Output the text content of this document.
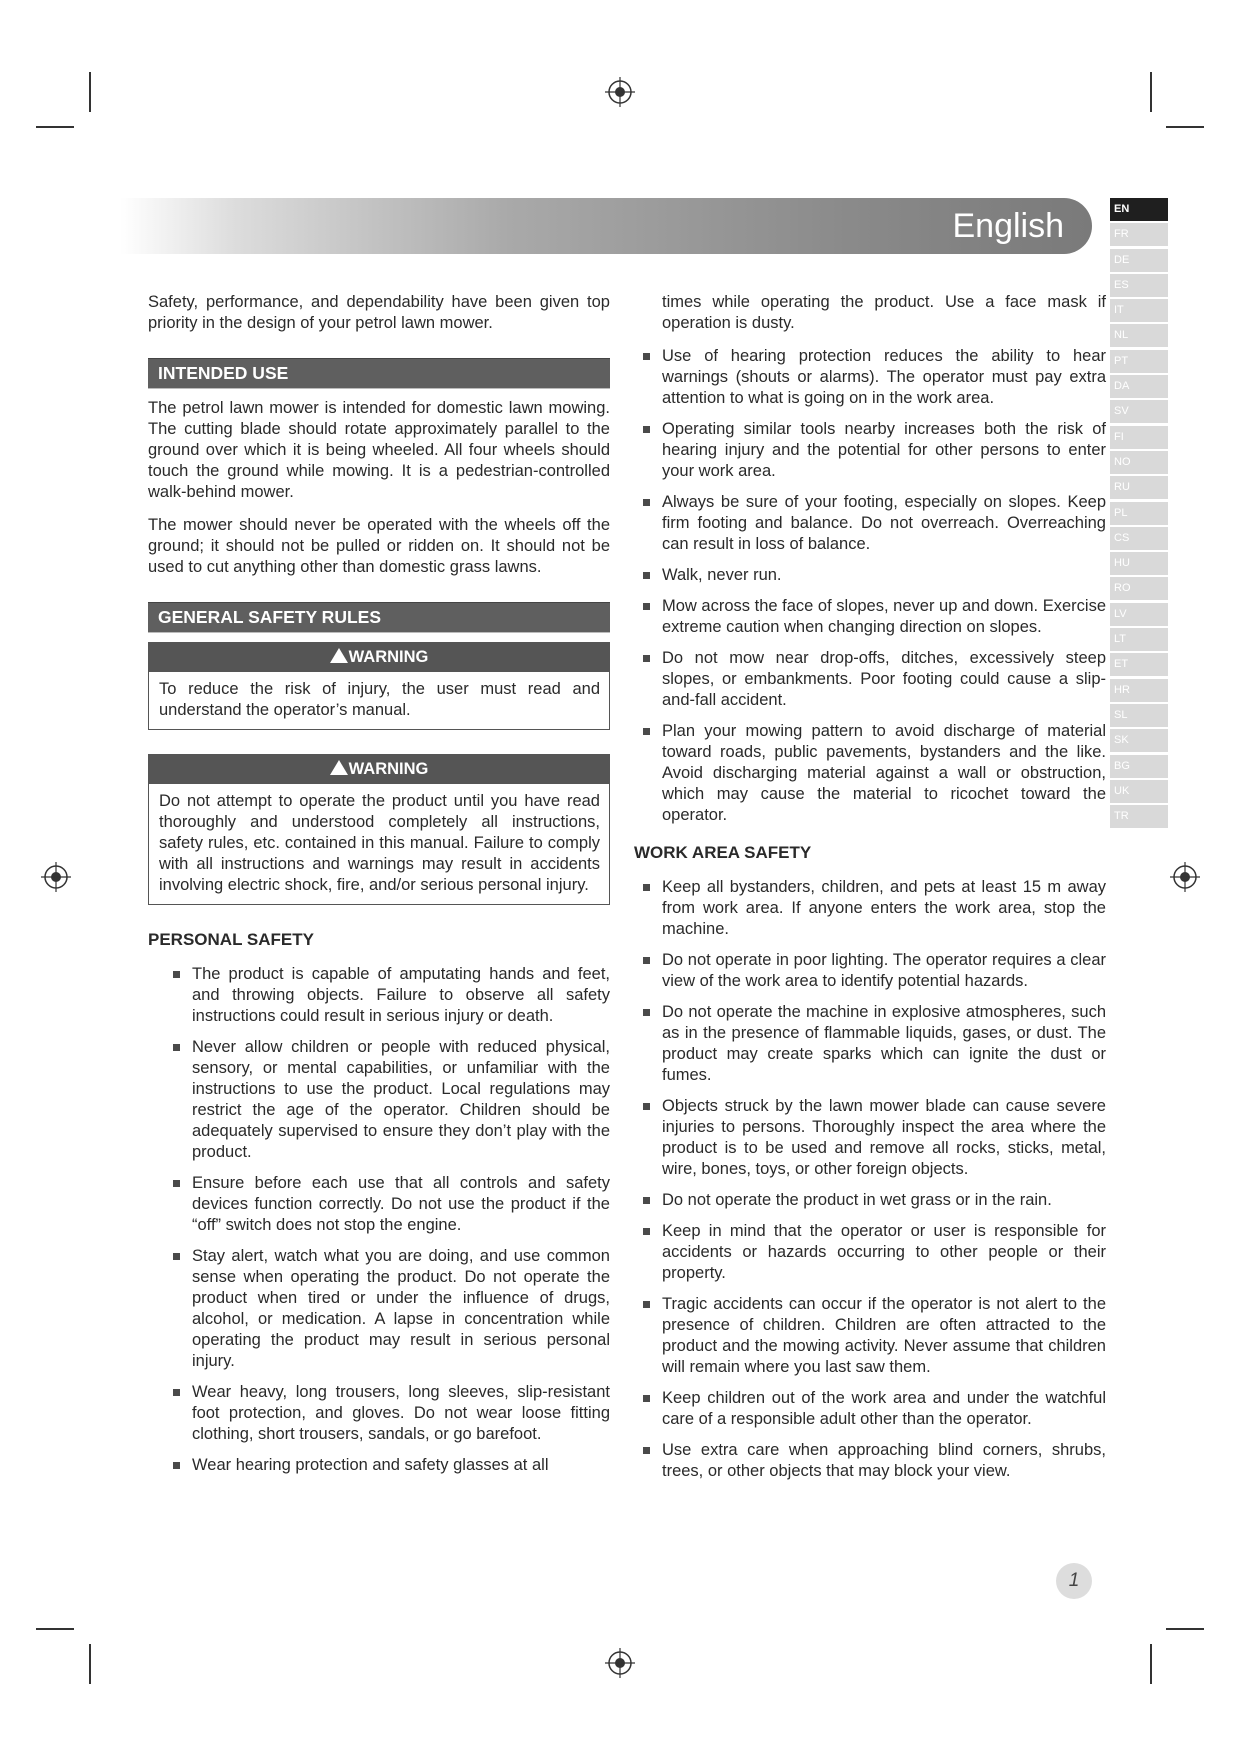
English	EN
FR
DE
ES
IT
NL
PT
DA
SV
FI
NO
RU
PL
CS
HU
RO
LV
LT
ET
HR
SL
SK
BG
UK
TR

Safety, performance, and dependability have been given top priority in the design of your petrol lawn mower.

INTENDED USE

The petrol lawn mower is intended for domestic lawn mowing. The cutting blade should rotate approximately parallel to the ground over which it is being wheeled. All four wheels should touch the ground while mowing. It is a pedestrian-controlled walk-behind mower.

The mower should never be operated with the wheels off the ground; it should not be pulled or ridden on. It should not be used to cut anything other than domestic grass lawns.

GENERAL SAFETY RULES
WARNING

To reduce the risk of injury, the user must read and understand the operator’s manual.

WARNING

Do not attempt to operate the product until you have read thoroughly and understood completely all instructions, safety rules, etc. contained in this manual. Failure to comply with all instructions and warnings may result in accidents involving electric shock, fire, and/or serious personal injury.

PERSONAL SAFETY
The product is capable of amputating hands and feet, and throwing objects. Failure to observe all safety instructions could result in serious injury or death.
Never allow children or people with reduced physical, sensory, or mental capabilities, or unfamiliar with the instructions to use the product. Local regulations may restrict the age of the operator. Children should be adequately supervised to ensure they don’t play with the product.
Ensure before each use that all controls and safety devices function correctly. Do not use the product if the “off” switch does not stop the engine.
Stay alert, watch what you are doing, and use common sense when operating the product. Do not operate the product when tired or under the influence of drugs, alcohol, or medication. A lapse in concentration while operating the product may result in serious personal injury.
Wear heavy, long trousers, long sleeves, slip-resistant foot protection, and gloves. Do not wear loose fitting clothing, short trousers, sandals, or go barefoot.
Wear hearing protection and safety glasses at all

times while operating the product. Use a face mask if operation is dusty.

Use of hearing protection reduces the ability to hear warnings (shouts or alarms). The operator must pay extra attention to what is going on in the work area.
Operating similar tools nearby increases both the risk of hearing injury and the potential for other persons to enter your work area.
Always be sure of your footing, especially on slopes. Keep firm footing and balance. Do not overreach. Overreaching can result in loss of balance.
Walk, never run.
Mow across the face of slopes, never up and down. Exercise extreme caution when changing direction on slopes.
Do not mow near drop-offs, ditches, excessively steep slopes, or embankments. Poor footing could cause a slip-and-fall accident.
Plan your mowing pattern to avoid discharge of material toward roads, public pavements, bystanders and the like. Avoid discharging material against a wall or obstruction, which may cause the material to ricochet toward the operator.
WORK AREA SAFETY
Keep all bystanders, children, and pets at least 15 m away from work area. If anyone enters the work area, stop the machine.
Do not operate in poor lighting. The operator requires a clear view of the work area to identify potential hazards.
Do not operate the machine in explosive atmospheres, such as in the presence of flammable liquids, gases, or dust. The product may create sparks which can ignite the dust or fumes.
Objects struck by the lawn mower blade can cause severe injuries to persons. Thoroughly inspect the area where the product is to be used and remove all rocks, sticks, metal, wire, bones, toys, or other foreign objects.
Do not operate the product in wet grass or in the rain.
Keep in mind that the operator or user is responsible for accidents or hazards occurring to other people or their property.
Tragic accidents can occur if the operator is not alert to the presence of children. Children are often attracted to the product and the mowing activity. Never assume that children will remain where you last saw them.
Keep children out of the work area and under the watchful care of a responsible adult other than the operator.
Use extra care when approaching blind corners, shrubs, trees, or other objects that may block your view.
1
